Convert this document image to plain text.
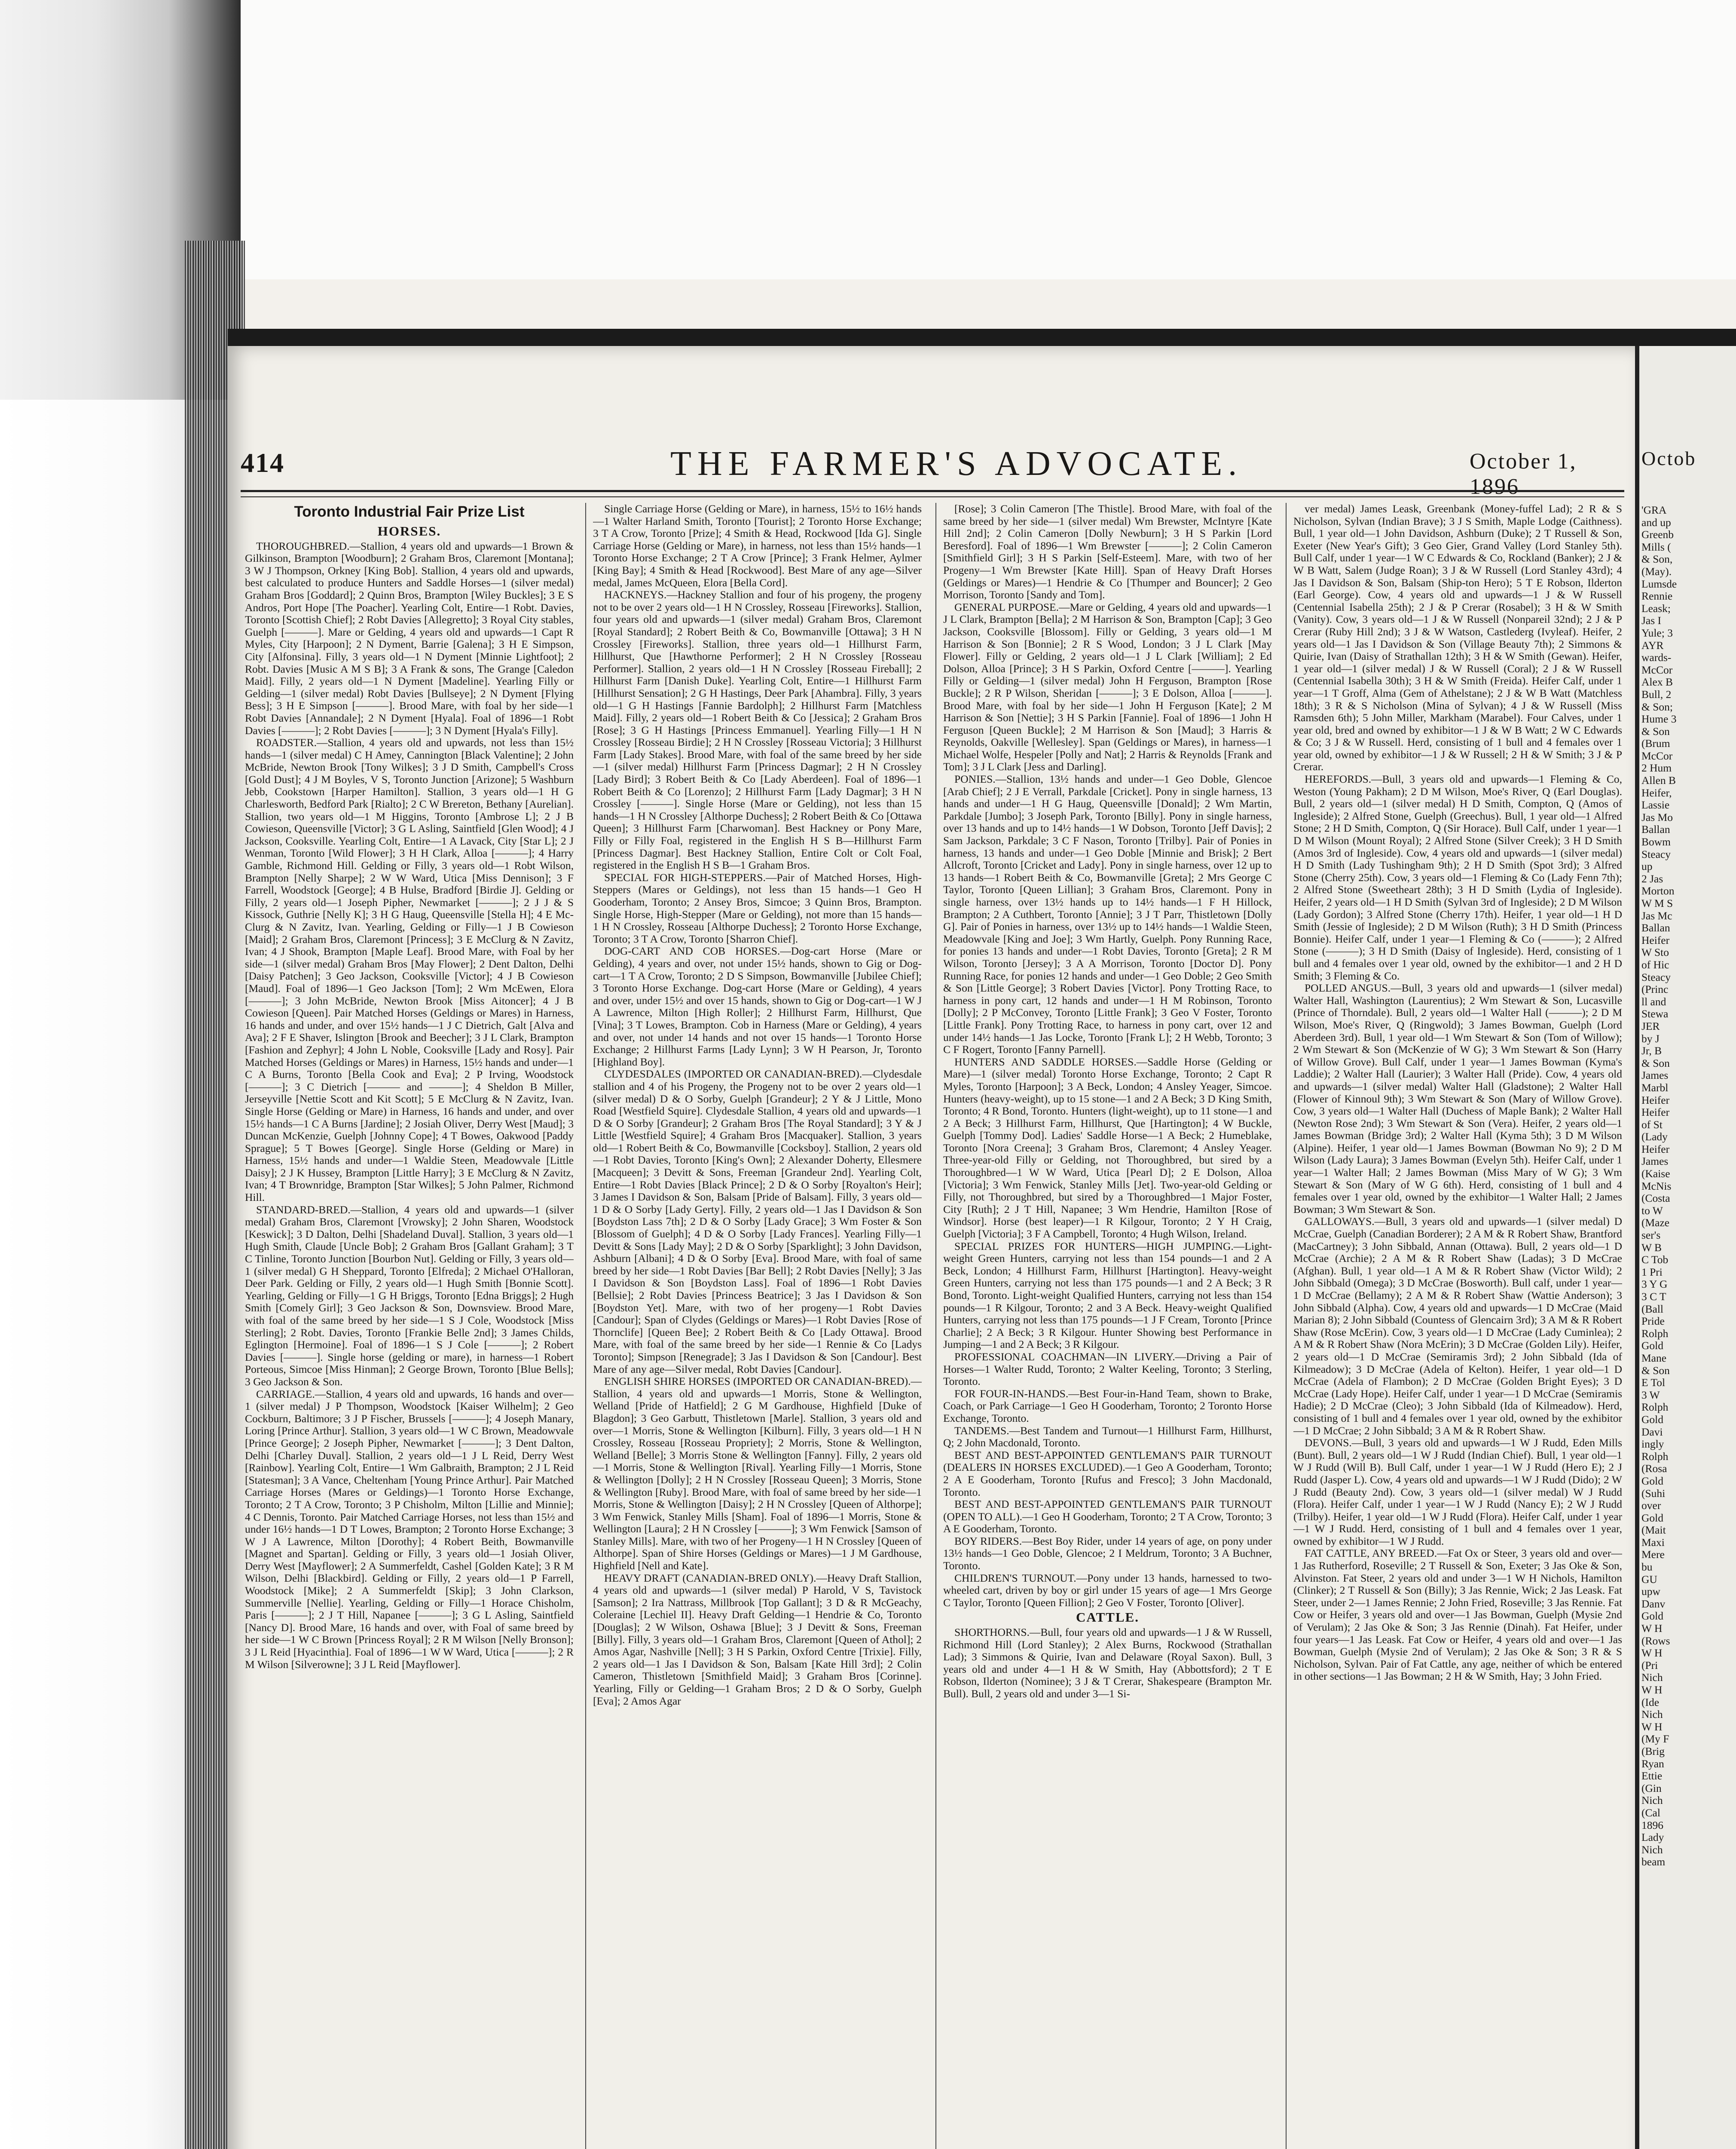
414	THE FARMER'S ADVOCATE.	October 1, 1896
Toronto Industrial Fair Prize List
HORSES.

THOROUGHBRED.—Stallion, 4 years old and upwards—1 Brown & Gilkinson, Brampton [Woodburn]; 2 Graham Bros, Claremont [Montana]; 3 W J Thompson, Orkney [King Bob]. Stallion, 4 years old and upwards, best calculated to produce Hunters and Saddle Horses—1 (silver medal) Graham Bros [Goddard]; 2 Quinn Bros, Brampton [Wiley Buckles]; 3 E S Andros, Port Hope [The Poacher]. Yearling Colt, Entire—1 Robt. Davies, Toronto [Scottish Chief]; 2 Robt Davies [Allegretto]; 3 Royal City stables, Guelph [———]. Mare or Gelding, 4 years old and upwards—1 Capt R Myles, City [Harpoon]; 2 N Dyment, Barrie [Galena]; 3 H E Simpson, City [Alfonsina]. Filly, 3 years old—1 N Dyment [Minnie Lightfoot]; 2 Robt. Davies [Music A M S B]; 3 A Frank & sons, The Grange [Caledon Maid]. Filly, 2 years old—1 N Dyment [Madeline]. Yearling Filly or Gelding—1 (silver medal) Robt Davies [Bullseye]; 2 N Dyment [Flying Bess]; 3 H E Simpson [———]. Brood Mare, with foal by her side—1 Robt Davies [Annandale]; 2 N Dyment [Hyala]. Foal of 1896—1 Robt Davies [———]; 2 Robt Davies [———]; 3 N Dyment [Hyala's Filly].

ROADSTER.—Stallion, 4 years old and upwards, not less than 15½ hands—1 (silver medal) C H Amey, Cannington [Black Valentine]; 2 John McBride, Newton Brook [Tony Wilkes]; 3 J D Smith, Campbell's Cross [Gold Dust]; 4 J M Boyles, V S, Toronto Junction [Arizone]; 5 Washburn Jebb, Cookstown [Harper Hamilton]. Stallion, 3 years old—1 H G Charlesworth, Bedford Park [Rialto]; 2 C W Brereton, Bethany [Aurelian]. Stallion, two years old—1 M Higgins, Toronto [Ambrose L]; 2 J B Cowieson, Queensville [Victor]; 3 G L Asling, Saintfield [Glen Wood]; 4 J Jackson, Cooksville. Yearling Colt, Entire—1 A Lavack, City [Star L]; 2 J Wenman, Toronto [Wild Flower]; 3 H H Clark, Alloa [———]; 4 Harry Gamble, Richmond Hill. Gelding or Filly, 3 years old—1 Robt Wilson, Brampton [Nelly Sharpe]; 2 W W Ward, Utica [Miss Dennison]; 3 F Farrell, Woodstock [George]; 4 B Hulse, Bradford [Birdie J]. Gelding or Filly, 2 years old—1 Joseph Pipher, Newmarket [———]; 2 J J & S Kissock, Guthrie [Nelly K]; 3 H G Haug, Queensville [Stella H]; 4 E Mc-Clurg & N Zavitz, Ivan. Yearling, Gelding or Filly—1 J B Cowieson [Maid]; 2 Graham Bros, Claremont [Princess]; 3 E McClurg & N Zavitz, Ivan; 4 J Shook, Brampton [Maple Leaf]. Brood Mare, with Foal by her side—1 (silver medal) Graham Bros [May Flower]; 2 Dent Dalton, Delhi [Daisy Patchen]; 3 Geo Jackson, Cooksville [Victor]; 4 J B Cowieson [Maud]. Foal of 1896—1 Geo Jackson [Tom]; 2 Wm McEwen, Elora [———]; 3 John McBride, Newton Brook [Miss Aitoncer]; 4 J B Cowieson [Queen]. Pair Matched Horses (Geldings or Mares) in Harness, 16 hands and under, and over 15½ hands—1 J C Dietrich, Galt [Alva and Ava]; 2 F E Shaver, Islington [Brook and Beecher]; 3 J L Clark, Brampton [Fashion and Zephyr]; 4 John L Noble, Cooksville [Lady and Rosy]. Pair Matched Horses (Geldings or Mares) in Harness, 15½ hands and under—1 C A Burns, Toronto [Bella Cook and Eva]; 2 P Irving, Woodstock [———]; 3 C Dietrich [——— and ———]; 4 Sheldon B Miller, Jerseyville [Nettie Scott and Kit Scott]; 5 E McClurg & N Zavitz, Ivan. Single Horse (Gelding or Mare) in Harness, 16 hands and under, and over 15½ hands—1 C A Burns [Jardine]; 2 Josiah Oliver, Derry West [Maud]; 3 Duncan McKenzie, Guelph [Johnny Cope]; 4 T Bowes, Oakwood [Paddy Sprague]; 5 T Bowes [George]. Single Horse (Gelding or Mare) in Harness, 15½ hands and under—1 Waldie Steen, Meadowvale [Little Daisy]; 2 J K Hussey, Brampton [Little Harry]; 3 E McClurg & N Zavitz, Ivan; 4 T Brownridge, Brampton [Star Wilkes]; 5 John Palmer, Richmond Hill.

STANDARD-BRED.—Stallion, 4 years old and upwards—1 (silver medal) Graham Bros, Claremont [Vrowsky]; 2 John Sharen, Woodstock [Keswick]; 3 D Dalton, Delhi [Shadeland Duval]. Stallion, 3 years old—1 Hugh Smith, Claude [Uncle Bob]; 2 Graham Bros [Gallant Graham]; 3 T C Tinline, Toronto Junction [Bourbon Nut]. Gelding or Filly, 3 years old—1 (silver medal) G H Sheppard, Toronto [Elfreda]; 2 Michael O'Halloran, Deer Park. Gelding or Filly, 2 years old—1 Hugh Smith [Bonnie Scott]. Yearling, Gelding or Filly—1 G H Briggs, Toronto [Edna Briggs]; 2 Hugh Smith [Comely Girl]; 3 Geo Jackson & Son, Downsview. Brood Mare, with foal of the same breed by her side—1 S J Cole, Woodstock [Miss Sterling]; 2 Robt. Davies, Toronto [Frankie Belle 2nd]; 3 James Childs, Eglington [Hermoine]. Foal of 1896—1 S J Cole [———]; 2 Robert Davies [———]. Single horse (gelding or mare), in harness—1 Robert Porteous, Simcoe [Miss Hinman]; 2 George Brown, Toronto [Blue Bells]; 3 Geo Jackson & Son.

CARRIAGE.—Stallion, 4 years old and upwards, 16 hands and over—1 (silver medal) J P Thompson, Woodstock [Kaiser Wilhelm]; 2 Geo Cockburn, Baltimore; 3 J P Fischer, Brussels [———]; 4 Joseph Manary, Loring [Prince Arthur]. Stallion, 3 years old—1 W C Brown, Meadowvale [Prince George]; 2 Joseph Pipher, Newmarket [———]; 3 Dent Dalton, Delhi [Charley Duval]. Stallion, 2 years old—1 J L Reid, Derry West [Rainbow]. Yearling Colt, Entire—1 Wm Galbraith, Brampton; 2 J L Reid [Statesman]; 3 A Vance, Cheltenham [Young Prince Arthur]. Pair Matched Carriage Horses (Mares or Geldings)—1 Toronto Horse Exchange, Toronto; 2 T A Crow, Toronto; 3 P Chisholm, Milton [Lillie and Minnie]; 4 C Dennis, Toronto. Pair Matched Carriage Horses, not less than 15½ and under 16½ hands—1 D T Lowes, Brampton; 2 Toronto Horse Exchange; 3 W J A Lawrence, Milton [Dorothy]; 4 Robert Beith, Bowmanville [Magnet and Spartan]. Gelding or Filly, 3 years old—1 Josiah Oliver, Derry West [Mayflower]; 2 A Summerfeldt, Cashel [Golden Kate]; 3 R M Wilson, Delhi [Blackbird]. Gelding or Filly, 2 years old—1 P Farrell, Woodstock [Mike]; 2 A Summerfeldt [Skip]; 3 John Clarkson, Summerville [Nellie]. Yearling, Gelding or Filly—1 Horace Chisholm, Paris [———]; 2 J T Hill, Napanee [———]; 3 G L Asling, Saintfield [Nancy D]. Brood Mare, 16 hands and over, with Foal of same breed by her side—1 W C Brown [Princess Royal]; 2 R M Wilson [Nelly Bronson]; 3 J L Reid [Hyacinthia]. Foal of 1896—1 W W Ward, Utica [———]; 2 R M Wilson [Silverowne]; 3 J L Reid [Mayflower].

Single Carriage Horse (Gelding or Mare), in harness, 15½ to 16½ hands—1 Walter Harland Smith, Toronto [Tourist]; 2 Toronto Horse Exchange; 3 T A Crow, Toronto [Prize]; 4 Smith & Head, Rockwood [Ida G]. Single Carriage Horse (Gelding or Mare), in harness, not less than 15½ hands—1 Toronto Horse Exchange; 2 T A Crow [Prince]; 3 Frank Helmer, Aylmer [King Bay]; 4 Smith & Head [Rockwood]. Best Mare of any age—Silver medal, James McQueen, Elora [Bella Cord].

HACKNEYS.—Hackney Stallion and four of his progeny, the progeny not to be over 2 years old—1 H N Crossley, Rosseau [Fireworks]. Stallion, four years old and upwards—1 (silver medal) Graham Bros, Claremont [Royal Standard]; 2 Robert Beith & Co, Bowmanville [Ottawa]; 3 H N Crossley [Fireworks]. Stallion, three years old—1 Hillhurst Farm, Hillhurst, Que [Hawthorne Performer]; 2 H N Crossley [Rosseau Performer]. Stallion, 2 years old—1 H N Crossley [Rosseau Fireball]; 2 Hillhurst Farm [Danish Duke]. Yearling Colt, Entire—1 Hillhurst Farm [Hillhurst Sensation]; 2 G H Hastings, Deer Park [Ahambra]. Filly, 3 years old—1 G H Hastings [Fannie Bardolph]; 2 Hillhurst Farm [Matchless Maid]. Filly, 2 years old—1 Robert Beith & Co [Jessica]; 2 Graham Bros [Rose]; 3 G H Hastings [Princess Emmanuel]. Yearling Filly—1 H N Crossley [Rosseau Birdie]; 2 H N Crossley [Rosseau Victoria]; 3 Hillhurst Farm [Lady Stakes]. Brood Mare, with foal of the same breed by her side—1 (silver medal) Hillhurst Farm [Princess Dagmar]; 2 H N Crossley [Lady Bird]; 3 Robert Beith & Co [Lady Aberdeen]. Foal of 1896—1 Robert Beith & Co [Lorenzo]; 2 Hillhurst Farm [Lady Dagmar]; 3 H N Crossley [———]. Single Horse (Mare or Gelding), not less than 15 hands—1 H N Crossley [Althorpe Duchess]; 2 Robert Beith & Co [Ottawa Queen]; 3 Hillhurst Farm [Charwoman]. Best Hackney or Pony Mare, Filly or Filly Foal, registered in the English H S B—Hillhurst Farm [Princess Dagmar]. Best Hackney Stallion, Entire Colt or Colt Foal, registered in the English H S B—1 Graham Bros.

SPECIAL FOR HIGH-STEPPERS.—Pair of Matched Horses, High-Steppers (Mares or Geldings), not less than 15 hands—1 Geo H Gooderham, Toronto; 2 Ansey Bros, Simcoe; 3 Quinn Bros, Brampton. Single Horse, High-Stepper (Mare or Gelding), not more than 15 hands—1 H N Crossley, Rosseau [Althorpe Duchess]; 2 Toronto Horse Exchange, Toronto; 3 T A Crow, Toronto [Sharron Chief].

DOG-CART AND COB HORSES.—Dog-cart Horse (Mare or Gelding), 4 years and over, not under 15½ hands, shown to Gig or Dog-cart—1 T A Crow, Toronto; 2 D S Simpson, Bowmanville [Jubilee Chief]; 3 Toronto Horse Exchange. Dog-cart Horse (Mare or Gelding), 4 years and over, under 15½ and over 15 hands, shown to Gig or Dog-cart—1 W J A Lawrence, Milton [High Roller]; 2 Hillhurst Farm, Hillhurst, Que [Vina]; 3 T Lowes, Brampton. Cob in Harness (Mare or Gelding), 4 years and over, not under 14 hands and not over 15 hands—1 Toronto Horse Exchange; 2 Hillhurst Farms [Lady Lynn]; 3 W H Pearson, Jr, Toronto [Highland Boy].

CLYDESDALES (IMPORTED OR CANADIAN-BRED).—Clydesdale stallion and 4 of his Progeny, the Progeny not to be over 2 years old—1 (silver medal) D & O Sorby, Guelph [Grandeur]; 2 Y & J Little, Mono Road [Westfield Squire]. Clydesdale Stallion, 4 years old and upwards—1 D & O Sorby [Grandeur]; 2 Graham Bros [The Royal Standard]; 3 Y & J Little [Westfield Squire]; 4 Graham Bros [Macquaker]. Stallion, 3 years old—1 Robert Beith & Co, Bowmanville [Cocksboy]. Stallion, 2 years old—1 Robt Davies, Toronto [King's Own]; 2 Alexander Doherty, Ellesmere [Macqueen]; 3 Devitt & Sons, Freeman [Grandeur 2nd]. Yearling Colt, Entire—1 Robt Davies [Black Prince]; 2 D & O Sorby [Royalton's Heir]; 3 James I Davidson & Son, Balsam [Pride of Balsam]. Filly, 3 years old—1 D & O Sorby [Lady Gerty]. Filly, 2 years old—1 Jas I Davidson & Son [Boydston Lass 7th]; 2 D & O Sorby [Lady Grace]; 3 Wm Foster & Son [Blossom of Guelph]; 4 D & O Sorby [Lady Frances]. Yearling Filly—1 Devitt & Sons [Lady May]; 2 D & O Sorby [Sparklight]; 3 John Davidson, Ashburn [Albani]; 4 D & O Sorby [Eva]. Brood Mare, with foal of same breed by her side—1 Robt Davies [Bar Bell]; 2 Robt Davies [Nelly]; 3 Jas I Davidson & Son [Boydston Lass]. Foal of 1896—1 Robt Davies [Bellsie]; 2 Robt Davies [Princess Beatrice]; 3 Jas I Davidson & Son [Boydston Yet]. Mare, with two of her progeny—1 Robt Davies [Candour]; Span of Clydes (Geldings or Mares)—1 Robt Davies [Rose of Thornclife] [Queen Bee]; 2 Robert Beith & Co [Lady Ottawa]. Brood Mare, with foal of the same breed by her side—1 Rennie & Co [Ladys Toronto]; Simpson [Renegrade]; 3 Jas I Davidson & Son [Candour]. Best Mare of any age—Silver medal, Robt Davies [Candour].

ENGLISH SHIRE HORSES (IMPORTED OR CANADIAN-BRED).—Stallion, 4 years old and upwards—1 Morris, Stone & Wellington, Welland [Pride of Hatfield]; 2 G M Gardhouse, Highfield [Duke of Blagdon]; 3 Geo Garbutt, Thistletown [Marle]. Stallion, 3 years old and over—1 Morris, Stone & Wellington [Kilburn]. Filly, 3 years old—1 H N Crossley, Rosseau [Rosseau Propriety]; 2 Morris, Stone & Wellington, Welland [Belle]; 3 Morris Stone & Wellington [Fanny]. Filly, 2 years old—1 Morris, Stone & Wellington [Rival]. Yearling Filly—1 Morris, Stone & Wellington [Dolly]; 2 H N Crossley [Rosseau Queen]; 3 Morris, Stone & Wellington [Ruby]. Brood Mare, with foal of same breed by her side—1 Morris, Stone & Wellington [Daisy]; 2 H N Crossley [Queen of Althorpe]; 3 Wm Fenwick, Stanley Mills [Sham]. Foal of 1896—1 Morris, Stone & Wellington [Laura]; 2 H N Crossley [———]; 3 Wm Fenwick [Samson of Stanley Mills]. Mare, with two of her Progeny—1 H N Crossley [Queen of Althorpe]. Span of Shire Horses (Geldings or Mares)—1 J M Gardhouse, Highfield [Nell and Kate].

HEAVY DRAFT (CANADIAN-BRED ONLY).—Heavy Draft Stallion, 4 years old and upwards—1 (silver medal) P Harold, V S, Tavistock [Samson]; 2 Ira Nattrass, Millbrook [Top Gallant]; 3 D & R McGeachy, Coleraine [Lechiel II]. Heavy Draft Gelding—1 Hendrie & Co, Toronto [Douglas]; 2 W Wilson, Oshawa [Blue]; 3 J Devitt & Sons, Freeman [Billy]. Filly, 3 years old—1 Graham Bros, Claremont [Queen of Athol]; 2 Amos Agar, Nashville [Nell]; 3 H S Parkin, Oxford Centre [Trixie]. Filly, 2 years old—1 Jas I Davidson & Son, Balsam [Kate Hill 3rd]; 2 Colin Cameron, Thistletown [Smithfield Maid]; 3 Graham Bros [Corinne]. Yearling, Filly or Gelding—1 Graham Bros; 2 D & O Sorby, Guelph [Eva]; 2 Amos Agar

[Rose]; 3 Colin Cameron [The Thistle]. Brood Mare, with foal of the same breed by her side—1 (silver medal) Wm Brewster, McIntyre [Kate Hill 2nd]; 2 Colin Cameron [Dolly Newburn]; 3 H S Parkin [Lord Beresford]. Foal of 1896—1 Wm Brewster [———]; 2 Colin Cameron [Smithfield Girl]; 3 H S Parkin [Self-Esteem]. Mare, with two of her Progeny—1 Wm Brewster [Kate Hill]. Span of Heavy Draft Horses (Geldings or Mares)—1 Hendrie & Co [Thumper and Bouncer]; 2 Geo Morrison, Toronto [Sandy and Tom].

GENERAL PURPOSE.—Mare or Gelding, 4 years old and upwards—1 J L Clark, Brampton [Bella]; 2 M Harrison & Son, Brampton [Cap]; 3 Geo Jackson, Cooksville [Blossom]. Filly or Gelding, 3 years old—1 M Harrison & Son [Bonnie]; 2 R S Wood, London; 3 J L Clark [May Flower]. Filly or Gelding, 2 years old—1 J L Clark [William]; 2 Ed Dolson, Alloa [Prince]; 3 H S Parkin, Oxford Centre [———]. Yearling Filly or Gelding—1 (silver medal) John H Ferguson, Brampton [Rose Buckle]; 2 R P Wilson, Sheridan [———]; 3 E Dolson, Alloa [———]. Brood Mare, with foal by her side—1 John H Ferguson [Kate]; 2 M Harrison & Son [Nettie]; 3 H S Parkin [Fannie]. Foal of 1896—1 John H Ferguson [Queen Buckle]; 2 M Harrison & Son [Maud]; 3 Harris & Reynolds, Oakville [Wellesley]. Span (Geldings or Mares), in harness—1 Michael Wolfe, Hespeler [Polly and Nat]; 2 Harris & Reynolds [Frank and Tom]; 3 J L Clark [Jess and Darling].

PONIES.—Stallion, 13½ hands and under—1 Geo Doble, Glencoe [Arab Chief]; 2 J E Verrall, Parkdale [Cricket]. Pony in single harness, 13 hands and under—1 H G Haug, Queensville [Donald]; 2 Wm Martin, Parkdale [Jumbo]; 3 Joseph Park, Toronto [Billy]. Pony in single harness, over 13 hands and up to 14½ hands—1 W Dobson, Toronto [Jeff Davis]; 2 Sam Jackson, Parkdale; 3 C F Nason, Toronto [Trilby]. Pair of Ponies in harness, 13 hands and under—1 Geo Doble [Minnie and Brisk]; 2 Bert Allcroft, Toronto [Cricket and Lady]. Pony in single harness, over 12 up to 13 hands—1 Robert Beith & Co, Bowmanville [Greta]; 2 Mrs George C Taylor, Toronto [Queen Lillian]; 3 Graham Bros, Claremont. Pony in single harness, over 13½ hands up to 14½ hands—1 F H Hillock, Brampton; 2 A Cuthbert, Toronto [Annie]; 3 J T Parr, Thistletown [Dolly G]. Pair of Ponies in harness, over 13½ up to 14½ hands—1 Waldie Steen, Meadowvale [King and Joe]; 3 Wm Hartly, Guelph. Pony Running Race, for ponies 13 hands and under—1 Robt Davies, Toronto [Greta]; 2 R M Wilson, Toronto [Jersey]; 3 A A Morrison, Toronto [Doctor D]. Pony Running Race, for ponies 12 hands and under—1 Geo Doble; 2 Geo Smith & Son [Little George]; 3 Robert Davies [Victor]. Pony Trotting Race, to harness in pony cart, 12 hands and under—1 H M Robinson, Toronto [Dolly]; 2 P McConvey, Toronto [Little Frank]; 3 Geo V Foster, Toronto [Little Frank]. Pony Trotting Race, to harness in pony cart, over 12 and under 14½ hands—1 Jas Locke, Toronto [Frank L]; 2 H Webb, Toronto; 3 C F Rogert, Toronto [Fanny Parnell].

HUNTERS AND SADDLE HORSES.—Saddle Horse (Gelding or Mare)—1 (silver medal) Toronto Horse Exchange, Toronto; 2 Capt R Myles, Toronto [Harpoon]; 3 A Beck, London; 4 Ansley Yeager, Simcoe. Hunters (heavy-weight), up to 15 stone—1 and 2 A Beck; 3 D King Smith, Toronto; 4 R Bond, Toronto. Hunters (light-weight), up to 11 stone—1 and 2 A Beck; 3 Hillhurst Farm, Hillhurst, Que [Hartington]; 4 W Buckle, Guelph [Tommy Dod]. Ladies' Saddle Horse—1 A Beck; 2 Humeblake, Toronto [Nora Creena]; 3 Graham Bros, Claremont; 4 Ansley Yeager. Three-year-old Filly or Gelding, not Thoroughbred, but sired by a Thoroughbred—1 W W Ward, Utica [Pearl D]; 2 E Dolson, Alloa [Victoria]; 3 Wm Fenwick, Stanley Mills [Jet]. Two-year-old Gelding or Filly, not Thoroughbred, but sired by a Thoroughbred—1 Major Foster, City [Ruth]; 2 J T Hill, Napanee; 3 Wm Hendrie, Hamilton [Rose of Windsor]. Horse (best leaper)—1 R Kilgour, Toronto; 2 Y H Craig, Guelph [Victoria]; 3 F A Campbell, Toronto; 4 Hugh Wilson, Ireland.

SPECIAL PRIZES FOR HUNTERS—HIGH JUMPING.—Light-weight Green Hunters, carrying not less than 154 pounds—1 and 2 A Beck, London; 4 Hillhurst Farm, Hillhurst [Hartington]. Heavy-weight Green Hunters, carrying not less than 175 pounds—1 and 2 A Beck; 3 R Bond, Toronto. Light-weight Qualified Hunters, carrying not less than 154 pounds—1 R Kilgour, Toronto; 2 and 3 A Beck. Heavy-weight Qualified Hunters, carrying not less than 175 pounds—1 J F Cream, Toronto [Prince Charlie]; 2 A Beck; 3 R Kilgour. Hunter Showing best Performance in Jumping—1 and 2 A Beck; 3 R Kilgour.

PROFESSIONAL COACHMAN—IN LIVERY.—Driving a Pair of Horses—1 Walter Rudd, Toronto; 2 Walter Keeling, Toronto; 3 Sterling, Toronto.

FOR FOUR-IN-HANDS.—Best Four-in-Hand Team, shown to Brake, Coach, or Park Carriage—1 Geo H Gooderham, Toronto; 2 Toronto Horse Exchange, Toronto.

TANDEMS.—Best Tandem and Turnout—1 Hillhurst Farm, Hillhurst, Q; 2 John Macdonald, Toronto.

BEST AND BEST-APPOINTED GENTLEMAN'S PAIR TURNOUT (DEALERS IN HORSES EXCLUDED).—1 Geo A Gooderham, Toronto; 2 A E Gooderham, Toronto [Rufus and Fresco]; 3 John Macdonald, Toronto.

BEST AND BEST-APPOINTED GENTLEMAN'S PAIR TURNOUT (OPEN TO ALL).—1 Geo H Gooderham, Toronto; 2 T A Crow, Toronto; 3 A E Gooderham, Toronto.

BOY RIDERS.—Best Boy Rider, under 14 years of age, on pony under 13½ hands—1 Geo Doble, Glencoe; 2 I Meldrum, Toronto; 3 A Buchner, Toronto.

CHILDREN'S TURNOUT.—Pony under 13 hands, harnessed to two-wheeled cart, driven by boy or girl under 15 years of age—1 Mrs George C Taylor, Toronto [Queen Fillion]; 2 Geo V Foster, Toronto [Oliver].

CATTLE.

SHORTHORNS.—Bull, four years old and upwards—1 J & W Russell, Richmond Hill (Lord Stanley); 2 Alex Burns, Rockwood (Strathallan Lad); 3 Simmons & Quirie, Ivan and Delaware (Royal Saxon). Bull, 3 years old and under 4—1 H & W Smith, Hay (Abbottsford); 2 T E Robson, Ilderton (Nominee); 3 J & T Crerar, Shakespeare (Brampton Mr. Bull). Bull, 2 years old and under 3—1 Si-

ver medal) James Leask, Greenbank (Money-fuffel Lad); 2 R & S Nicholson, Sylvan (Indian Brave); 3 J S Smith, Maple Lodge (Caithness). Bull, 1 year old—1 John Davidson, Ashburn (Duke); 2 T Russell & Son, Exeter (New Year's Gift); 3 Geo Gier, Grand Valley (Lord Stanley 5th). Bull Calf, under 1 year—1 W C Edwards & Co, Rockland (Banker); 2 J & W B Watt, Salem (Judge Roan); 3 J & W Russell (Lord Stanley 43rd); 4 Jas I Davidson & Son, Balsam (Ship-ton Hero); 5 T E Robson, Ilderton (Earl George). Cow, 4 years old and upwards—1 J & W Russell (Centennial Isabella 25th); 2 J & P Crerar (Rosabel); 3 H & W Smith (Vanity). Cow, 3 years old—1 J & W Russell (Nonpareil 32nd); 2 J & P Crerar (Ruby Hill 2nd); 3 J & W Watson, Castlederg (Ivyleaf). Heifer, 2 years old—1 Jas I Davidson & Son (Village Beauty 7th); 2 Simmons & Quirie, Ivan (Daisy of Strathallan 12th); 3 H & W Smith (Gewan). Heifer, 1 year old—1 (silver medal) J & W Russell (Coral); 2 J & W Russell (Centennial Isabella 30th); 3 H & W Smith (Freida). Heifer Calf, under 1 year—1 T Groff, Alma (Gem of Athelstane); 2 J & W B Watt (Matchless 18th); 3 R & S Nicholson (Mina of Sylvan); 4 J & W Russell (Miss Ramsden 6th); 5 John Miller, Markham (Marabel). Four Calves, under 1 year old, bred and owned by exhibitor—1 J & W B Watt; 2 W C Edwards & Co; 3 J & W Russell. Herd, consisting of 1 bull and 4 females over 1 year old, owned by exhibitor—1 J & W Russell; 2 H & W Smith; 3 J & P Crerar.

HEREFORDS.—Bull, 3 years old and upwards—1 Fleming & Co, Weston (Young Pakham); 2 D M Wilson, Moe's River, Q (Earl Douglas). Bull, 2 years old—1 (silver medal) H D Smith, Compton, Q (Amos of Ingleside); 2 Alfred Stone, Guelph (Greechus). Bull, 1 year old—1 Alfred Stone; 2 H D Smith, Compton, Q (Sir Horace). Bull Calf, under 1 year—1 D M Wilson (Mount Royal); 2 Alfred Stone (Silver Creek); 3 H D Smith (Amos 3rd of Ingleside). Cow, 4 years old and upwards—1 (silver medal) H D Smith (Lady Tushingham 9th); 2 H D Smith (Spot 3rd); 3 Alfred Stone (Cherry 25th). Cow, 3 years old—1 Fleming & Co (Lady Fenn 7th); 2 Alfred Stone (Sweetheart 28th); 3 H D Smith (Lydia of Ingleside). Heifer, 2 years old—1 H D Smith (Sylvan 3rd of Ingleside); 2 D M Wilson (Lady Gordon); 3 Alfred Stone (Cherry 17th). Heifer, 1 year old—1 H D Smith (Jessie of Ingleside); 2 D M Wilson (Ruth); 3 H D Smith (Princess Bonnie). Heifer Calf, under 1 year—1 Fleming & Co (———); 2 Alfred Stone (———); 3 H D Smith (Daisy of Ingleside). Herd, consisting of 1 bull and 4 females over 1 year old, owned by the exhibitor—1 and 2 H D Smith; 3 Fleming & Co.

POLLED ANGUS.—Bull, 3 years old and upwards—1 (silver medal) Walter Hall, Washington (Laurentius); 2 Wm Stewart & Son, Lucasville (Prince of Thorndale). Bull, 2 years old—1 Walter Hall (———); 2 D M Wilson, Moe's River, Q (Ringwold); 3 James Bowman, Guelph (Lord Aberdeen 3rd). Bull, 1 year old—1 Wm Stewart & Son (Tom of Willow); 2 Wm Stewart & Son (McKenzie of W G); 3 Wm Stewart & Son (Harry of Willow Grove). Bull Calf, under 1 year—1 James Bowman (Kyma's Laddie); 2 Walter Hall (Laurier); 3 Walter Hall (Pride). Cow, 4 years old and upwards—1 (silver medal) Walter Hall (Gladstone); 2 Walter Hall (Flower of Kinnoul 9th); 3 Wm Stewart & Son (Mary of Willow Grove). Cow, 3 years old—1 Walter Hall (Duchess of Maple Bank); 2 Walter Hall (Newton Rose 2nd); 3 Wm Stewart & Son (Vera). Heifer, 2 years old—1 James Bowman (Bridge 3rd); 2 Walter Hall (Kyma 5th); 3 D M Wilson (Alpine). Heifer, 1 year old—1 James Bowman (Bowman No 9); 2 D M Wilson (Lady Laura); 3 James Bowman (Evelyn 5th). Heifer Calf, under 1 year—1 Walter Hall; 2 James Bowman (Miss Mary of W G); 3 Wm Stewart & Son (Mary of W G 6th). Herd, consisting of 1 bull and 4 females over 1 year old, owned by the exhibitor—1 Walter Hall; 2 James Bowman; 3 Wm Stewart & Son.

GALLOWAYS.—Bull, 3 years old and upwards—1 (silver medal) D McCrae, Guelph (Canadian Borderer); 2 A M & R Robert Shaw, Brantford (MacCartney); 3 John Sibbald, Annan (Ottawa). Bull, 2 years old—1 D McCrae (Archie); 2 A M & R Robert Shaw (Ladas); 3 D McCrae (Afghan). Bull, 1 year old—1 A M & R Robert Shaw (Victor Wild); 2 John Sibbald (Omega); 3 D McCrae (Bosworth). Bull calf, under 1 year—1 D McCrae (Bellamy); 2 A M & R Robert Shaw (Wattie Anderson); 3 John Sibbald (Alpha). Cow, 4 years old and upwards—1 D McCrae (Maid Marian 8); 2 John Sibbald (Countess of Glencairn 3rd); 3 A M & R Robert Shaw (Rose McErin). Cow, 3 years old—1 D McCrae (Lady Cuminlea); 2 A M & R Robert Shaw (Nora McErin); 3 D McCrae (Golden Lily). Heifer, 2 years old—1 D McCrae (Semiramis 3rd); 2 John Sibbald (Ida of Kilmeadow); 3 D McCrae (Adela of Kelton). Heifer, 1 year old—1 D McCrae (Adela of Flambon); 2 D McCrae (Golden Bright Eyes); 3 D McCrae (Lady Hope). Heifer Calf, under 1 year—1 D McCrae (Semiramis Hadie); 2 D McCrae (Cleo); 3 John Sibbald (Ida of Kilmeadow). Herd, consisting of 1 bull and 4 females over 1 year old, owned by the exhibitor—1 D McCrae; 2 John Sibbald; 3 A M & R Robert Shaw.

DEVONS.—Bull, 3 years old and upwards—1 W J Rudd, Eden Mills (Bunt). Bull, 2 years old—1 W J Rudd (Indian Chief). Bull, 1 year old—1 W J Rudd (Will B). Bull Calf, under 1 year—1 W J Rudd (Hero E); 2 J Rudd (Jasper L). Cow, 4 years old and upwards—1 W J Rudd (Dido); 2 W J Rudd (Beauty 2nd). Cow, 3 years old—1 (silver medal) W J Rudd (Flora). Heifer Calf, under 1 year—1 W J Rudd (Nancy E); 2 W J Rudd (Trilby). Heifer, 1 year old—1 W J Rudd (Flora). Heifer Calf, under 1 year—1 W J Rudd. Herd, consisting of 1 bull and 4 females over 1 year, owned by exhibitor—1 W J Rudd.

FAT CATTLE, ANY BREED.—Fat Ox or Steer, 3 years old and over—1 Jas Rutherford, Roseville; 2 T Russell & Son, Exeter; 3 Jas Oke & Son, Alvinston. Fat Steer, 2 years old and under 3—1 W H Nichols, Hamilton (Clinker); 2 T Russell & Son (Billy); 3 Jas Rennie, Wick; 2 Jas Leask. Fat Steer, under 2—1 James Rennie; 2 John Fried, Roseville; 3 Jas Rennie. Fat Cow or Heifer, 3 years old and over—1 Jas Bowman, Guelph (Mysie 2nd of Verulam); 2 Jas Oke & Son; 3 Jas Rennie (Dinah). Fat Heifer, under four years—1 Jas Leask. Fat Cow or Heifer, 4 years old and over—1 Jas Bowman, Guelph (Mysie 2nd of Verulam); 2 Jas Oke & Son; 3 R & S Nicholson, Sylvan. Pair of Fat Cattle, any age, neither of which be entered in other sections—1 Jas Bowman; 2 H & W Smith, Hay; 3 John Fried.

Octob
'GRA
and up
Greenb
Mills (
& Son,
(May).
Lumsde
Rennie
Leask;
Jas I
Yule; 3
AYR
wards-
McCor
Alex B
Bull, 2
& Son;
Hume 3
& Son
(Brum
McCor
2 Hum
Allen B
Heifer,
Lassie
Jas Mo
Ballan
Bowm
Steacy
up
2 Jas
Morton
W M S
Jas Mc
Ballan
Heifer
W Sto
of Hic
Steacy
(Princ
ll and
Stewa
JER
by J
Jr, B
& Son
James
Marbl
Heifer
Heifer
of St
(Lady
Heifer
James
(Kaise
McNis
(Costa
to W
(Maze
ser's
W B
C Tob
1 Pri
3 Y G
3 C T
(Ball
Pride
Rolph
Gold
Mane
& Son
E Tol
3 W
Rolph
Gold
Davi
ingly
Rolph
(Rosa
Gold
(Suhi
over
Gold
(Mait
Maxi
Mere
bu
GU
upw
Danv
Gold
W H
(Rows
W H
(Pri
Nich
W H
(Ide
Nich
W H
(My F
(Brig
Ryan
Ettie
(Gin
Nich
(Cal
1896
Lady
Nich
beam
